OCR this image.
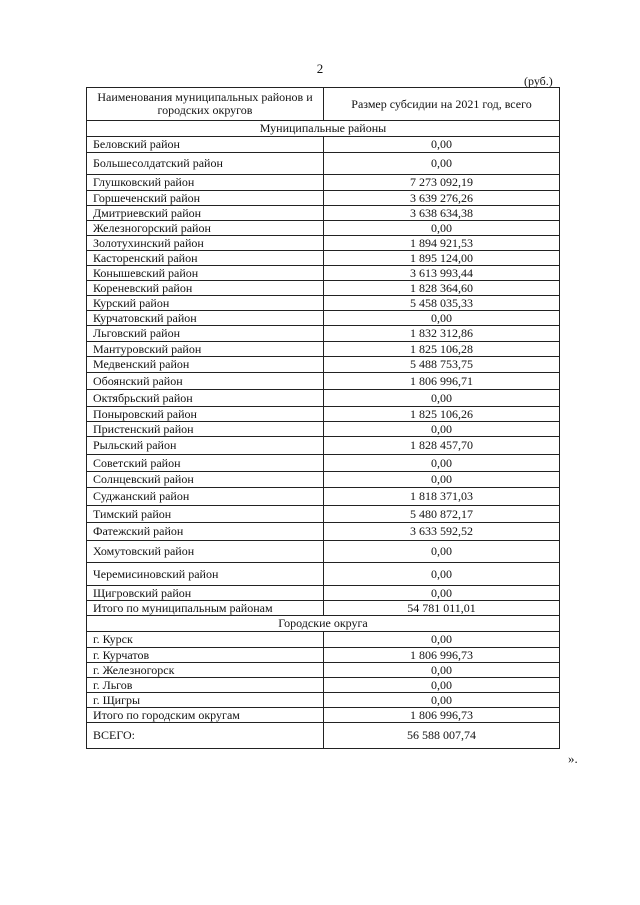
2
(руб.)
Наименования муниципальных районов и городских округов	Размер субсидии на 2021 год, всего
Муниципальные районы	
Беловский район	0,00
Большесолдатский район	0,00
Глушковский район	7 273 092,19
Горшеченский район	3 639 276,26
Дмитриевский район	3 638 634,38
Железногорский район	0,00
Золотухинский район	1 894 921,53
Касторенский район	1 895 124,00
Конышевский район	3 613 993,44
Кореневский район	1 828 364,60
Курский район	5 458 035,33
Курчатовский район	0,00
Льговский район	1 832 312,86
Мантуровский район	1 825 106,28
Медвенский район	5 488 753,75
Обоянский район	1 806 996,71
Октябрьский район	0,00
Поныровский район	1 825 106,26
Пристенский район	0,00
Рыльский район	1 828 457,70
Советский район	0,00
Солнцевский район	0,00
Суджанский район	1 818 371,03
Тимский район	5 480 872,17
Фатежский район	3 633 592,52
Хомутовский район	0,00
Черемисиновский район	0,00
Щигровский район	0,00
Итого по муниципальным районам	54 781 011,01
Городские округа	
г. Курск	0,00
г. Курчатов	1 806 996,73
г. Железногорск	0,00
г. Льгов	0,00
г. Щигры	0,00
Итого по городским округам	1 806 996,73
ВСЕГО:	56 588 007,74
».
